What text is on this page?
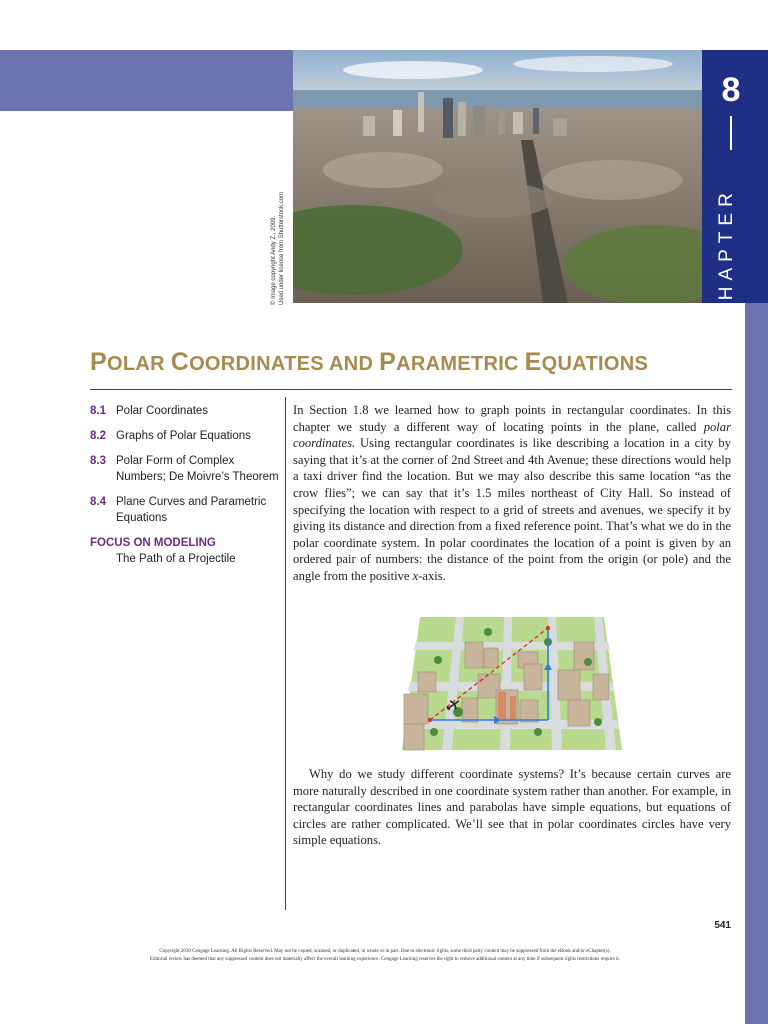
8
CHAPTER
© Image copyright Andy Z., 2009. Used under license from Shutterstock.com
POLAR COORDINATES AND PARAMETRIC EQUATIONS
8.1 Polar Coordinates
8.2 Graphs of Polar Equations
8.3 Polar Form of Complex Numbers; De Moivre’s Theorem
8.4 Plane Curves and Parametric Equations
FOCUS ON MODELING
The Path of a Projectile
In Section 1.8 we learned how to graph points in rectangular coordinates. In this chapter we study a different way of locating points in the plane, called polar coordinates. Using rectangular coordinates is like describing a location in a city by saying that it’s at the corner of 2nd Street and 4th Avenue; these directions would help a taxi driver find the location. But we may also describe this same location “as the crow flies”; we can say that it’s 1.5 miles northeast of City Hall. So instead of specifying the location with respect to a grid of streets and avenues, we specify it by giving its distance and direction from a fixed reference point. That’s what we do in the polar coordinate system. In polar coordinates the location of a point is given by an ordered pair of numbers: the distance of the point from the origin (or pole) and the angle from the positive x-axis.
Why do we study different coordinate systems? It’s because certain curves are more naturally described in one coordinate system rather than another. For example, in rectangular coordinates lines and parabolas have simple equations, but equations of circles are rather complicated. We’ll see that in polar coordinates circles have very simple equations.
541
Copyright 2010 Cengage Learning. All Rights Reserved. May not be copied, scanned, or duplicated, in whole or in part. Due to electronic rights, some third party content may be suppressed from the eBook and/or eChapter(s).
Editorial review has deemed that any suppressed content does not materially affect the overall learning experience. Cengage Learning reserves the right to remove additional content at any time if subsequent rights restrictions require it.
